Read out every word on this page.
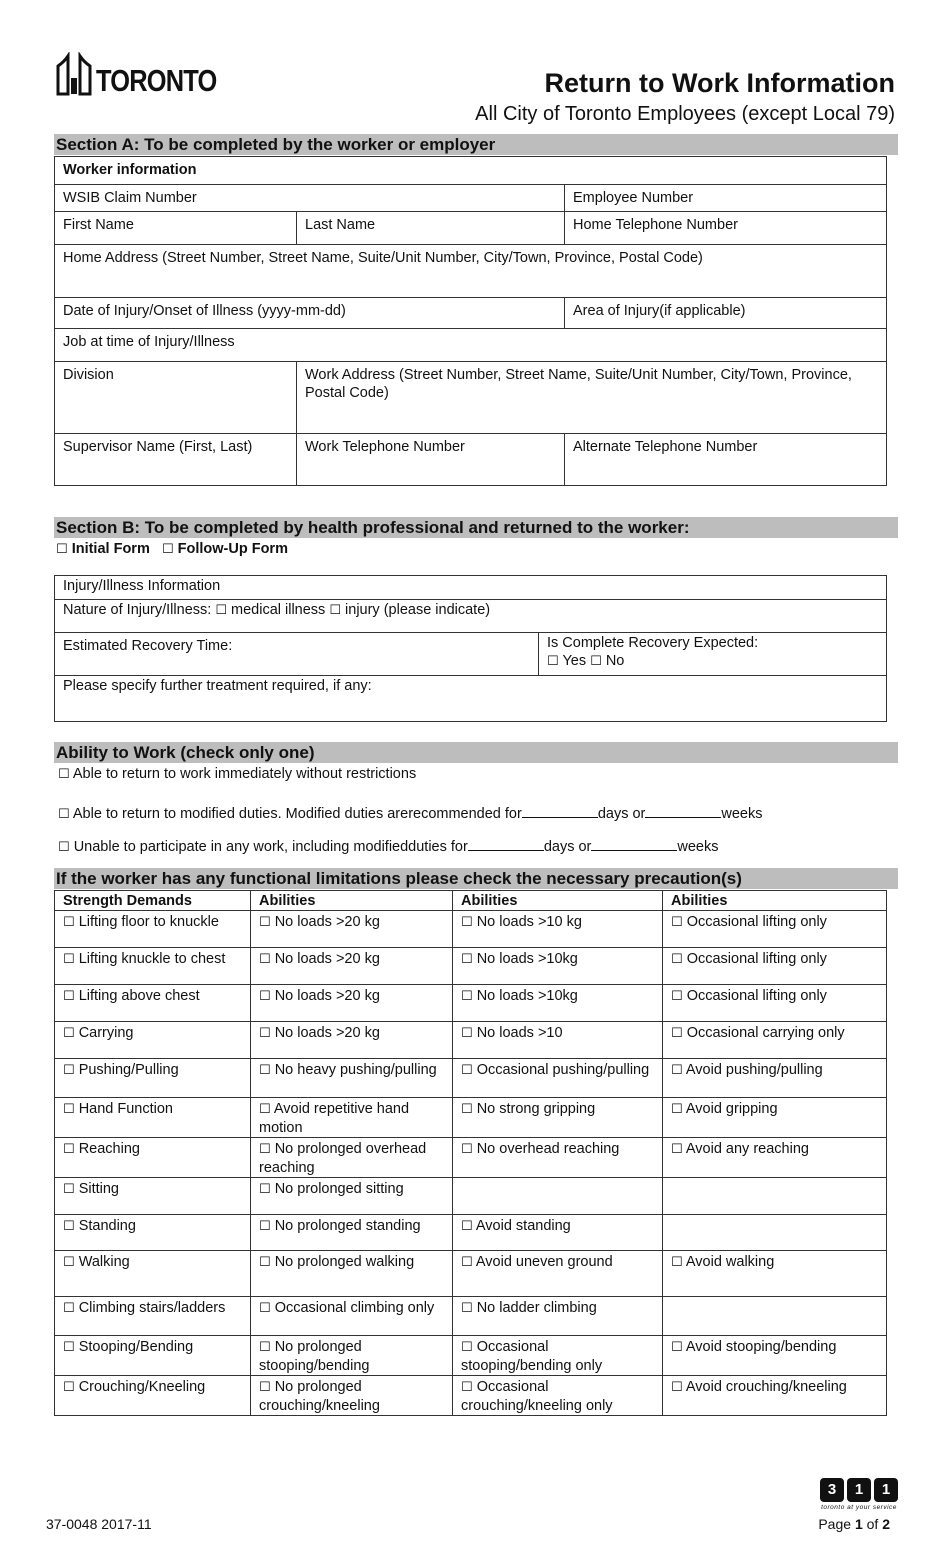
TORONTO	Return to Work Information
All City of Toronto Employees (except Local 79)
Section A: To be completed by the worker or employer
Worker information		
WSIB Claim Number		Employee Number
First Name	Last Name	Home Telephone Number
Home Address (Street Number, Street Name, Suite/Unit Number, City/Town, Province, Postal Code)		
Date of Injury/Onset of Illness (yyyy-mm-dd)		Area of Injury(if applicable)
Job at time of Injury/Illness		
Division	Work Address (Street Number, Street Name, Suite/Unit Number, City/Town, Province, Postal Code)	
Supervisor Name (First, Last)	Work Telephone Number	Alternate Telephone Number
Section B: To be completed by health professional and returned to the worker:
☐ Initial Form ☐ Follow-Up Form
Injury/Illness Information
Nature of Injury/Illness: ☐ medical illness ☐ injury (please indicate)
Estimated Recovery Time:	Is Complete Recovery Expected:
☐ Yes ☐ No

Please specify further treatment required, if any:
Ability to Work (check only one)
☐ Able to return to work immediately without restrictions
☐ Able to return to modified duties. Modified duties arerecommended for	days or	weeks
☐ Unable to participate in any work, including modifiedduties for	days or	weeks
If the worker has any functional limitations please check the necessary precaution(s)
Strength Demands	Abilities	Abilities	Abilities
☐ Lifting floor to knuckle	☐ No loads >20 kg	☐ No loads >10 kg	☐ Occasional lifting only
☐ Lifting knuckle to chest	☐ No loads >20 kg	☐ No loads >10kg	☐ Occasional lifting only
☐ Lifting above chest	☐ No loads >20 kg	☐ No loads >10kg	☐ Occasional lifting only
☐ Carrying	☐ No loads >20 kg	☐ No loads >10	☐ Occasional carrying only
☐ Pushing/Pulling	☐ No heavy pushing/pulling	☐ Occasional pushing/pulling	☐ Avoid pushing/pulling
☐ Hand Function	☐ Avoid repetitive hand motion	☐ No strong gripping	☐ Avoid gripping
☐ Reaching	☐ No prolonged overhead reaching	☐ No overhead reaching	☐ Avoid any reaching
☐ Sitting	☐ No prolonged sitting		
☐ Standing	☐ No prolonged standing	☐ Avoid standing	
☐ Walking	☐ No prolonged walking	☐ Avoid uneven ground	☐ Avoid walking
☐ Climbing stairs/ladders	☐ Occasional climbing only	☐ No ladder climbing	
☐ Stooping/Bending	☐ No prolonged stooping/bending	☐ Occasional stooping/bending only	☐ Avoid stooping/bending
☐ Crouching/Kneeling	☐ No prolonged crouching/kneeling	☐ Occasional crouching/kneeling only	☐ Avoid crouching/kneeling
37-0048 2017-11
3	1	1
toronto at your service
Page 1 of 2
